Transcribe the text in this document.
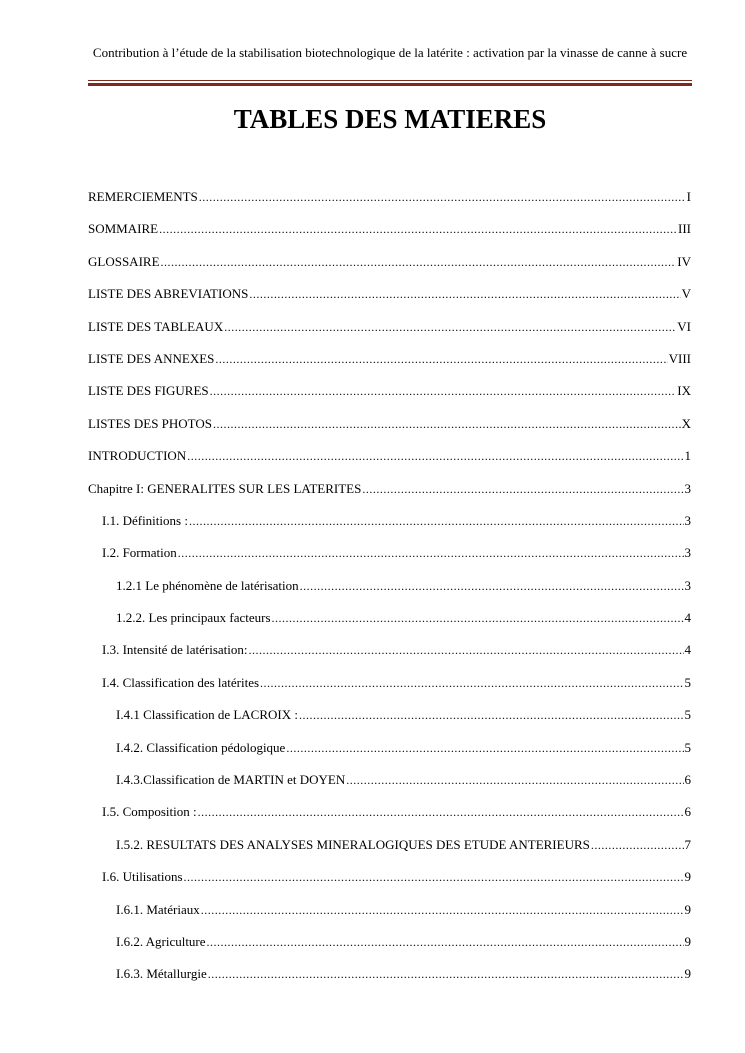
Contribution à l’étude de la stabilisation biotechnologique de la latérite : activation par la vinasse de canne à sucre
TABLES DES MATIERES
REMERCIEMENTS .....	I
SOMMAIRE .....	III
GLOSSAIRE .....	IV
LISTE DES ABREVIATIONS .....	V
LISTE DES TABLEAUX .....	VI
LISTE DES ANNEXES .....	VIII
LISTE DES FIGURES .....	IX
LISTES DES PHOTOS .....	X
INTRODUCTION .....	1
Chapitre I: GENERALITES SUR LES LATERITES .....	3
I.1. Définitions : .....	3
I.2. Formation .....	3
1.2.1 Le phénomène de latérisation .....	3
1.2.2. Les principaux facteurs .....	4
I.3. Intensité de latérisation: .....	4
I.4. Classification des latérites .....	5
I.4.1 Classification de LACROIX : .....	5
I.4.2. Classification pédologique .....	5
I.4.3.Classification de MARTIN et DOYEN .....	6
I.5. Composition : .....	6
I.5.2. RESULTATS DES ANALYSES MINERALOGIQUES DES ETUDE ANTERIEURS .....	7
I.6. Utilisations .....	9
I.6.1. Matériaux .....	9
I.6.2. Agriculture .....	9
I.6.3. Métallurgie .....	9
